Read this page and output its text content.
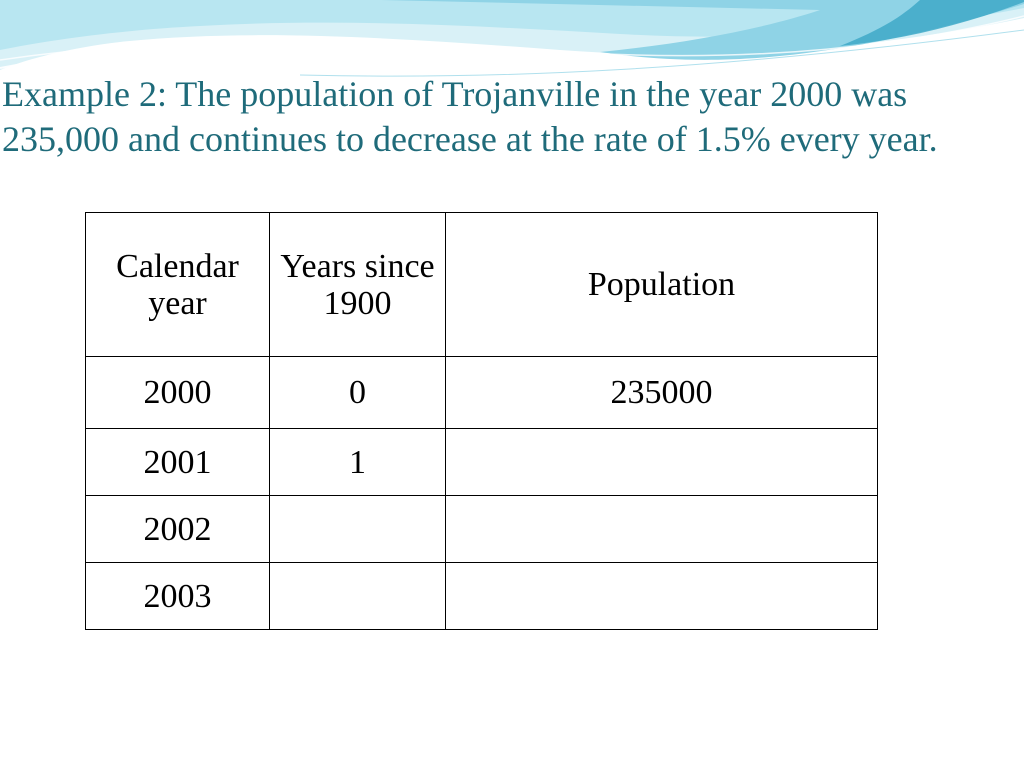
Example 2: The population of Trojanville in the year 2000 was 235,000 and continues to decrease at the rate of 1.5% every year.

Calendar year	Years since 1900	Population
2000	0	235000
2001	1	
2002		
2003		
